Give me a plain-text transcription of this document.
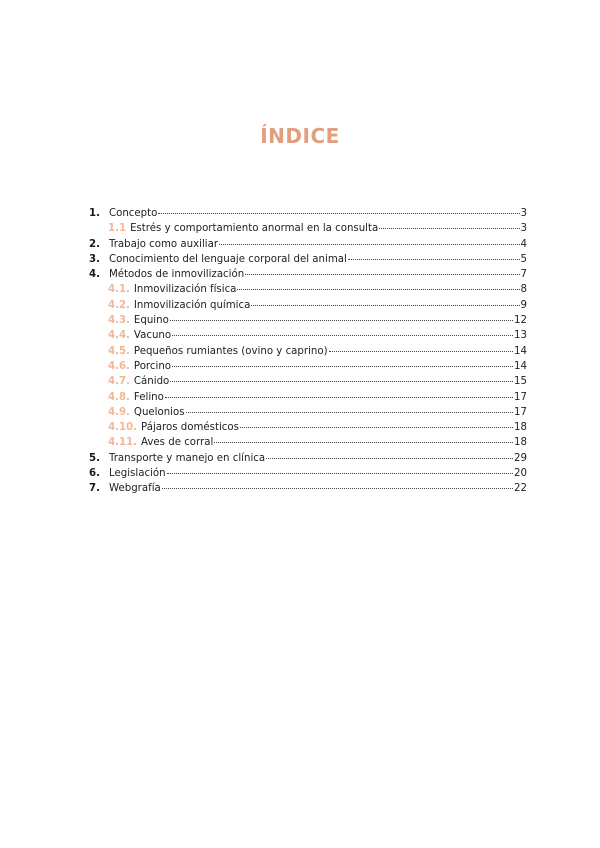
ÍNDICE
1. Concepto	3
1.1 Estrés y comportamiento anormal en la consulta	3
2. Trabajo como auxiliar	4
3. Conocimiento del lenguaje corporal del animal	5
4. Métodos de inmovilización	7
4.1. Inmovilización física	8
4.2. Inmovilización química	9
4.3. Equino	12
4.4. Vacuno	13
4.5. Pequeños rumiantes (ovino y caprino)	14
4.6. Porcino	14
4.7. Cánido	15
4.8. Felino	17
4.9. Quelonios	17
4.10. Pájaros domésticos	18
4.11. Aves de corral	18
5. Transporte y manejo en clínica	29
6. Legislación	20
7. Webgrafía	22
